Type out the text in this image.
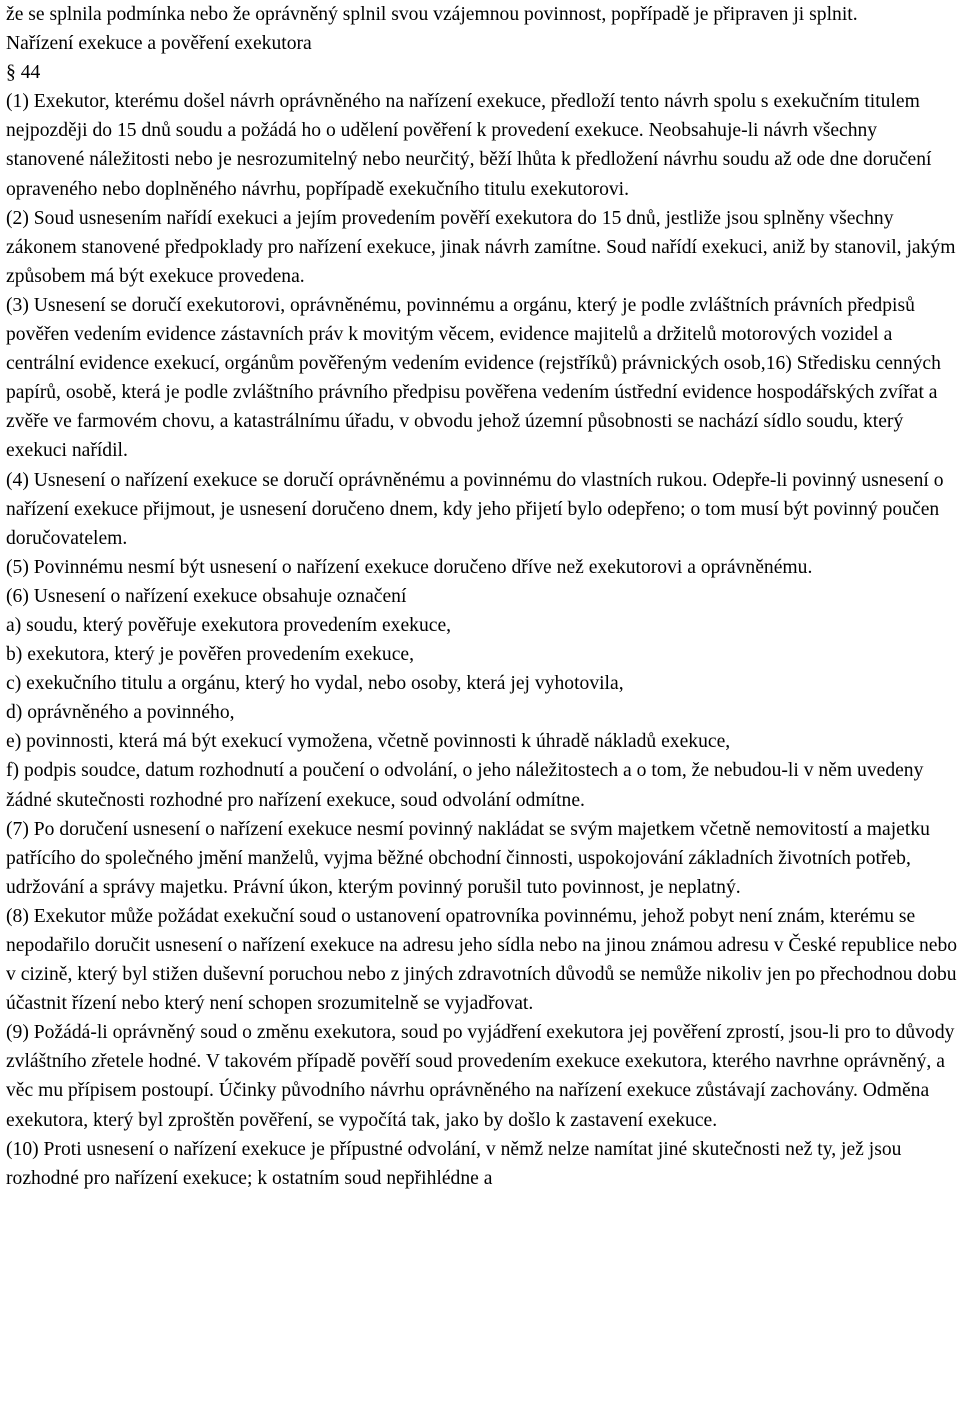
že se splnila podmínka nebo že oprávněný splnil svou vzájemnou povinnost, popřípadě je připraven ji splnit.

Nařízení exekuce a pověření exekutora

§ 44

(1) Exekutor, kterému došel návrh oprávněného na nařízení exekuce, předloží tento návrh spolu s exekučním titulem nejpozději do 15 dnů soudu a požádá ho o udělení pověření k provedení exekuce. Neobsahuje-li návrh všechny stanovené náležitosti nebo je nesrozumitelný nebo neurčitý, běží lhůta k předložení návrhu soudu až ode dne doručení opraveného nebo doplněného návrhu, popřípadě exekučního titulu exekutorovi.

(2) Soud usnesením nařídí exekuci a jejím provedením pověří exekutora do 15 dnů, jestliže jsou splněny všechny zákonem stanovené předpoklady pro nařízení exekuce, jinak návrh zamítne. Soud nařídí exekuci, aniž by stanovil, jakým způsobem má být exekuce provedena.

(3) Usnesení se doručí exekutorovi, oprávněnému, povinnému a orgánu, který je podle zvláštních právních předpisů pověřen vedením evidence zástavních práv k movitým věcem, evidence majitelů a držitelů motorových vozidel a centrální evidence exekucí, orgánům pověřeným vedením evidence (rejstříků) právnických osob,16) Středisku cenných papírů, osobě, která je podle zvláštního právního předpisu pověřena vedením ústřední evidence hospodářských zvířat a zvěře ve farmovém chovu, a katastrálnímu úřadu, v obvodu jehož územní působnosti se nachází sídlo soudu, který exekuci nařídil.

(4) Usnesení o nařízení exekuce se doručí oprávněnému a povinnému do vlastních rukou. Odepře-li povinný usnesení o nařízení exekuce přijmout, je usnesení doručeno dnem, kdy jeho přijetí bylo odepřeno; o tom musí být povinný poučen doručovatelem.

(5) Povinnému nesmí být usnesení o nařízení exekuce doručeno dříve než exekutorovi a oprávněnému.

(6) Usnesení o nařízení exekuce obsahuje označení

a) soudu, který pověřuje exekutora provedením exekuce,

b) exekutora, který je pověřen provedením exekuce,

c) exekučního titulu a orgánu, který ho vydal, nebo osoby, která jej vyhotovila,

d) oprávněného a povinného,

e) povinnosti, která má být exekucí vymožena, včetně povinnosti k úhradě nákladů exekuce,

f) podpis soudce, datum rozhodnutí a poučení o odvolání, o jeho náležitostech a o tom, že nebudou-li v něm uvedeny žádné skutečnosti rozhodné pro nařízení exekuce, soud odvolání odmítne.

(7) Po doručení usnesení o nařízení exekuce nesmí povinný nakládat se svým majetkem včetně nemovitostí a majetku patřícího do společného jmění manželů, vyjma běžné obchodní činnosti, uspokojování základních životních potřeb, udržování a správy majetku. Právní úkon, kterým povinný porušil tuto povinnost, je neplatný.

(8) Exekutor může požádat exekuční soud o ustanovení opatrovníka povinnému, jehož pobyt není znám, kterému se nepodařilo doručit usnesení o nařízení exekuce na adresu jeho sídla nebo na jinou známou adresu v České republice nebo v cizině, který byl stižen duševní poruchou nebo z jiných zdravotních důvodů se nemůže nikoliv jen po přechodnou dobu účastnit řízení nebo který není schopen srozumitelně se vyjadřovat.

(9) Požádá-li oprávněný soud o změnu exekutora, soud po vyjádření exekutora jej pověření zprostí, jsou-li pro to důvody zvláštního zřetele hodné. V takovém případě pověří soud provedením exekuce exekutora, kterého navrhne oprávněný, a věc mu přípisem postoupí. Účinky původního návrhu oprávněného na nařízení exekuce zůstávají zachovány. Odměna exekutora, který byl zproštěn pověření, se vypočítá tak, jako by došlo k zastavení exekuce.

(10) Proti usnesení o nařízení exekuce je přípustné odvolání, v němž nelze namítat jiné skutečnosti než ty, jež jsou rozhodné pro nařízení exekuce; k ostatním soud nepřihlédne a
